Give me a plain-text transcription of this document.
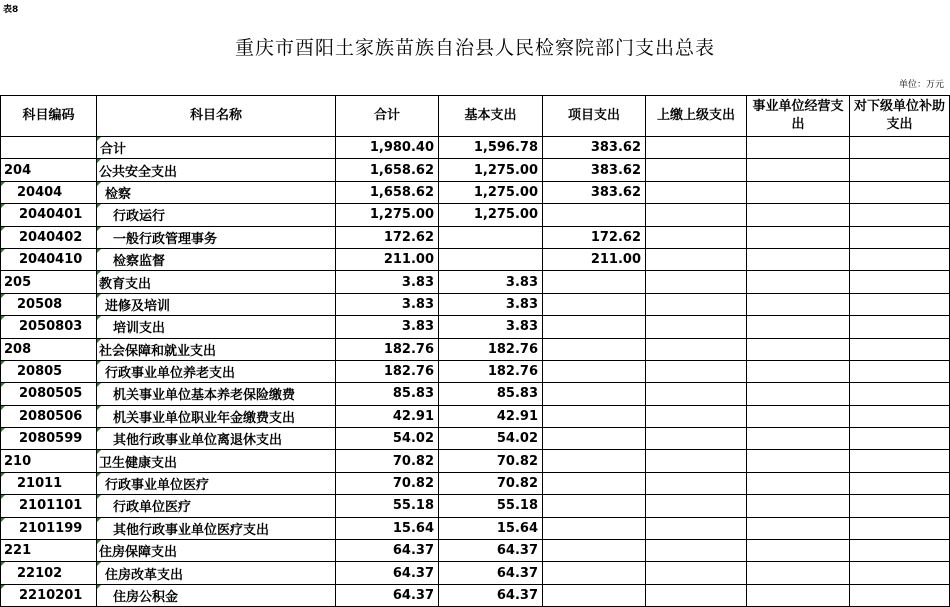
表8
重庆市酉阳土家族苗族自治县人民检察院部门支出总表
单位：万元
科目编码	科目名称	合计	基本支出	项目支出	上缴上级支出	事业单位经营支出	对下级单位补助支出
	合计	1,980.40	1,596.78	383.62			
204	公共安全支出	1,658.62	1,275.00	383.62			
20404	检察	1,658.62	1,275.00	383.62			
2040401	行政运行	1,275.00	1,275.00				
2040402	一般行政管理事务	172.62		172.62			
2040410	检察监督	211.00		211.00			
205	教育支出	3.83	3.83				
20508	进修及培训	3.83	3.83				
2050803	培训支出	3.83	3.83				
208	社会保障和就业支出	182.76	182.76				
20805	行政事业单位养老支出	182.76	182.76				
2080505	机关事业单位基本养老保险缴费	85.83	85.83				
2080506	机关事业单位职业年金缴费支出	42.91	42.91				
2080599	其他行政事业单位离退休支出	54.02	54.02				
210	卫生健康支出	70.82	70.82				
21011	行政事业单位医疗	70.82	70.82				
2101101	行政单位医疗	55.18	55.18				
2101199	其他行政事业单位医疗支出	15.64	15.64				
221	住房保障支出	64.37	64.37				
22102	住房改革支出	64.37	64.37				
2210201	住房公积金	64.37	64.37				
